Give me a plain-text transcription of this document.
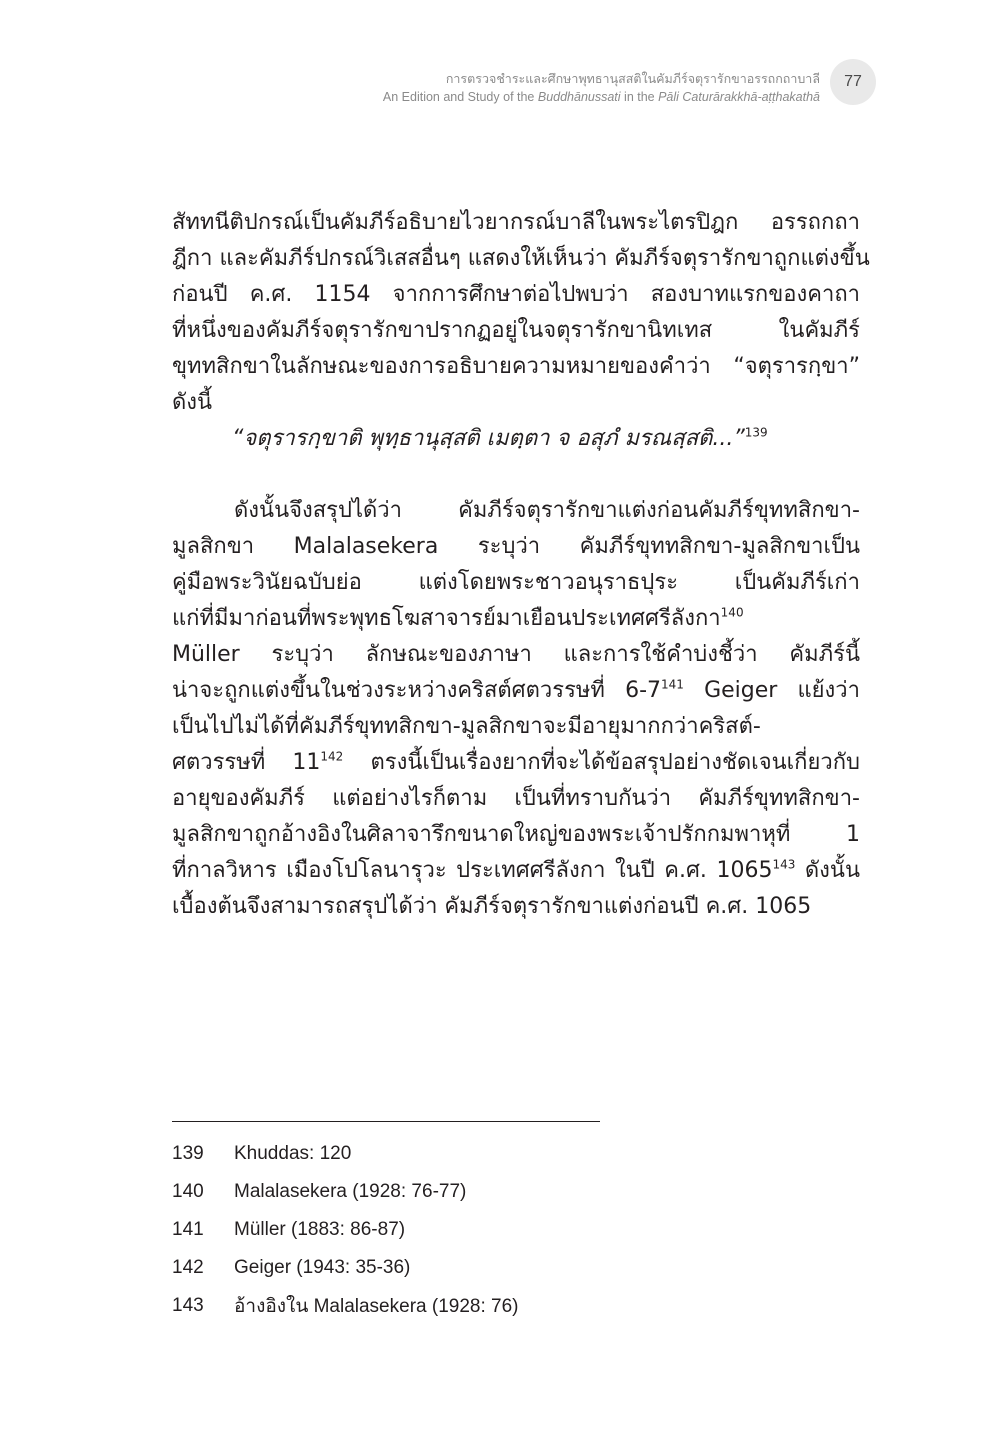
การตรวจชำระและศึกษาพุทธานุสสติในคัมภีร์จตุรารักขาอรรถกถาบาลี
An Edition and Study of the Buddhānussati in the Pāli Caturārakkhā-aṭṭhakathā
77

สัททนีติปกรณ์เป็นคัมภีร์อธิบายไวยากรณ์บาลีในพระไตรปิฎก อรรถกถา

ฎีกา และคัมภีร์ปกรณ์วิเสสอื่นๆ แสดงให้เห็นว่า คัมภีร์จตุรารักขาถูกแต่งขึ้น

ก่อนปี ค.ศ. 1154 จากการศึกษาต่อไปพบว่า สองบาทแรกของคาถา

ที่หนึ่งของคัมภีร์จตุรารักขาปรากฏอยู่ในจตุรารักขานิทเทส ในคัมภีร์

ขุททสิกขาในลักษณะของการอธิบายความหมายของคำว่า “จตุรารกฺขา”

ดังนี้

“จตุรารกฺขาติ พุทฺธานุสฺสติ เมตฺตา จ อสุภํ มรณสฺสติ...”$^{139}$

ดังนั้นจึงสรุปได้ว่า คัมภีร์จตุรารักขาแต่งก่อนคัมภีร์ขุททสิกขา-

มูลสิกขา Malalasekera ระบุว่า คัมภีร์ขุททสิกขา-มูลสิกขาเป็น

คู่มือพระวินัยฉบับย่อ แต่งโดยพระชาวอนุราธปุระ เป็นคัมภีร์เก่า

แก่ที่มีมาก่อนที่พระพุทธโฆสาจารย์มาเยือนประเทศศรีลังกา$^{140}$

Müller ระบุว่า ลักษณะของภาษา และการใช้คำบ่งชี้ว่า คัมภีร์นี้

น่าจะถูกแต่งขึ้นในช่วงระหว่างคริสต์ศตวรรษที่ $6-7^{141}$ Geiger แย้งว่า

เป็นไปไม่ได้ที่คัมภีร์ขุททสิกขา-มูลสิกขาจะมีอายุมากกว่าคริสต์-

ศตวรรษที่ $11^{142}$ ตรงนี้เป็นเรื่องยากที่จะได้ข้อสรุปอย่างชัดเจนเกี่ยวกับ

อายุของคัมภีร์ แต่อย่างไรก็ตาม เป็นที่ทราบกันว่า คัมภีร์ขุททสิกขา-

มูลสิกขาถูกอ้างอิงในศิลาจารึกขนาดใหญ่ของพระเจ้าปรักกมพาหุที่ 1

ที่กาลวิหาร เมืองโปโลนารุวะ ประเทศศรีลังกา ในปี ค.ศ. 1065$^{143}$ ดังนั้น

เบื้องต้นจึงสามารถสรุปได้ว่า คัมภีร์จตุรารักขาแต่งก่อนปี ค.ศ. 1065

139	Khuddas: 120
140	Malalasekera (1928: 76-77)
141	Müller (1883: 86-87)
142	Geiger (1943: 35-36)
143	อ้างอิงใน Malalasekera (1928: 76)
